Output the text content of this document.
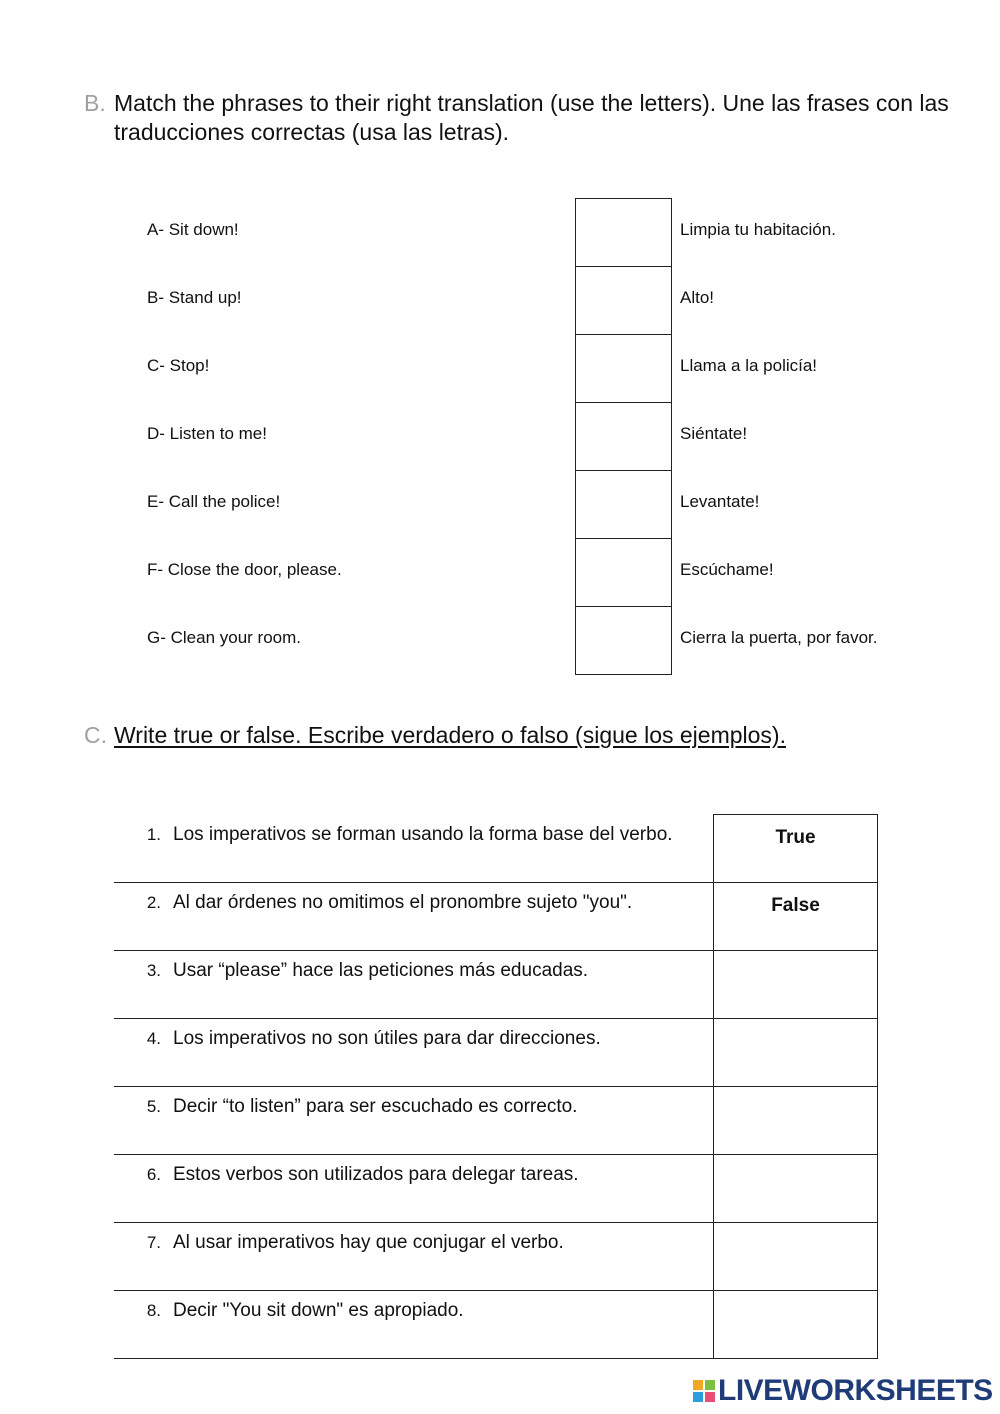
B. Match the phrases to their right translation (use the letters). Une las frases con las traducciones correctas (usa las letras).
A- Sit down!	Limpia tu habitación.
B- Stand up!	Alto!
C- Stop!	Llama a la policía!
D- Listen to me!	Siéntate!
E- Call the police!	Levantate!
F- Close the door, please.	Escúchame!
G- Clean your room.	Cierra la puerta, por favor.
C. Write true or false. Escribe verdadero o falso (sigue los ejemplos).
1. Los imperativos se forman usando la forma base del verbo.	True
2. Al dar órdenes no omitimos el pronombre sujeto "you".	False
3. Usar “please” hace las peticiones más educadas.	
4. Los imperativos no son útiles para dar direcciones.	
5. Decir “to listen” para ser escuchado es correcto.	
6. Estos verbos son utilizados para delegar tareas.	
7. Al usar imperativos hay que conjugar el verbo.	
8. Decir "You sit down" es apropiado.	
LIVEWORKSHEETS
